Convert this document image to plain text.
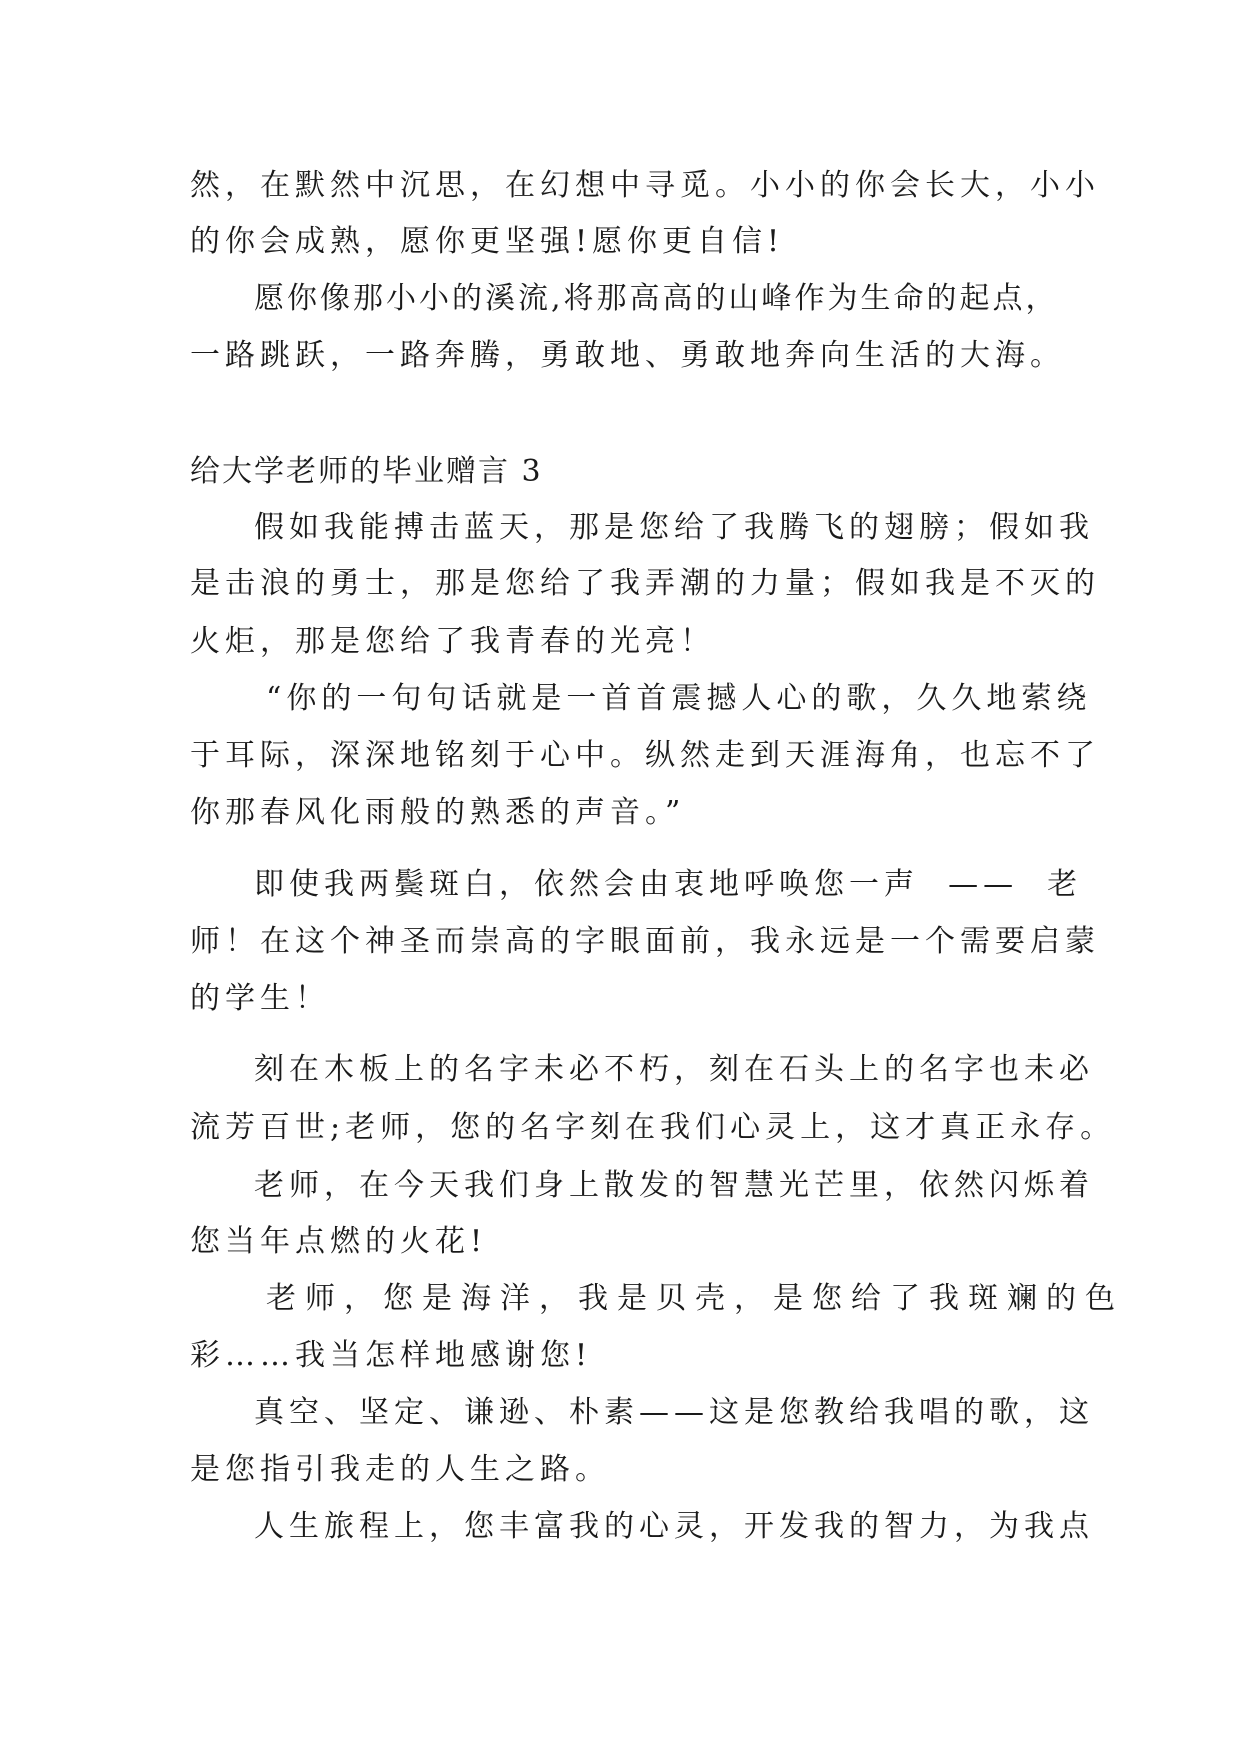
然，在默然中沉思，在幻想中寻觅。小小的你会长大，小小
的你会成熟，愿你更坚强!愿你更自信!
愿你像那小小的溪流,将那高高的山峰作为生命的起点，
一路跳跃，一路奔腾，勇敢地、勇敢地奔向生活的大海。
给大学老师的毕业赠言 3
假如我能搏击蓝天，那是您给了我腾飞的翅膀；假如我
是击浪的勇士，那是您给了我弄潮的力量；假如我是不灭的
火炬，那是您给了我青春的光亮！
“你的一句句话就是一首首震撼人心的歌，久久地萦绕
于耳际，深深地铭刻于心中。纵然走到天涯海角，也忘不了
你那春风化雨般的熟悉的声音。”
即使我两鬓斑白，依然会由衷地呼唤您一声  ——  老
师！在这个神圣而崇高的字眼面前，我永远是一个需要启蒙
的学生！
刻在木板上的名字未必不朽，刻在石头上的名字也未必
流芳百世;老师，您的名字刻在我们心灵上，这才真正永存。
老师，在今天我们身上散发的智慧光芒里，依然闪烁着
您当年点燃的火花!
老师，您是海洋，我是贝壳，是您给了我斑斓的色
彩……我当怎样地感谢您!
真空、坚定、谦逊、朴素——这是您教给我唱的歌，这
是您指引我走的人生之路。
人生旅程上，您丰富我的心灵，开发我的智力，为我点
